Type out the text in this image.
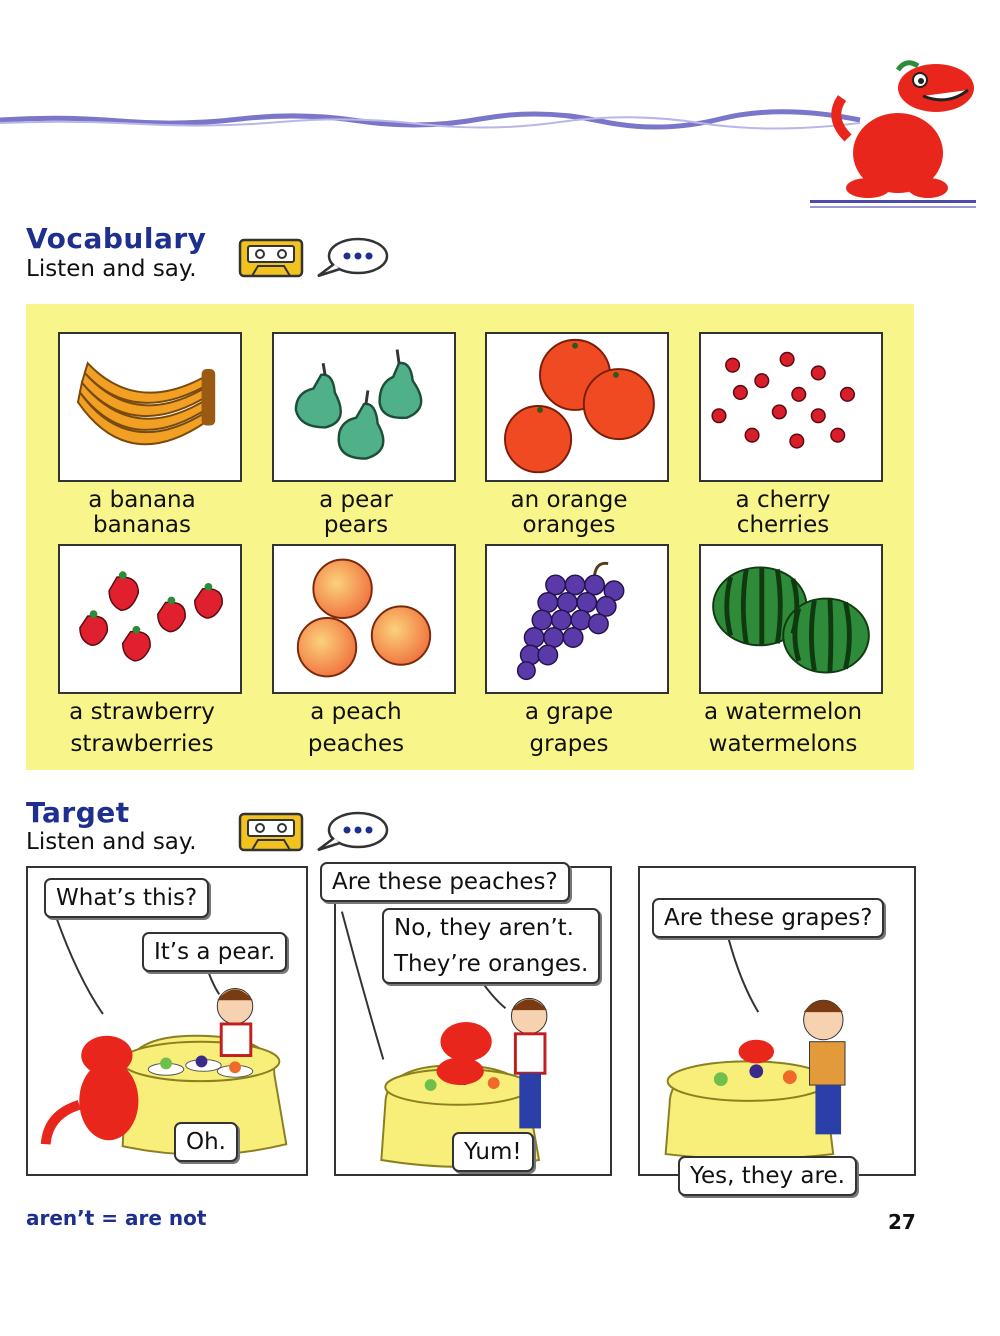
Vocabulary
Listen and say.
a banana
bananas
a pear
pears
an orange
oranges
a cherry
cherries
a strawberry
strawberries
a peach
peaches
a grape
grapes
a watermelon
watermelons
Target
Listen and say.
What’s this?
It’s a pear.
Oh.
Are these peaches?
No, they aren’t.
They’re oranges.
Yum!
Are these grapes?
Yes, they are.
aren’t = are not	27
